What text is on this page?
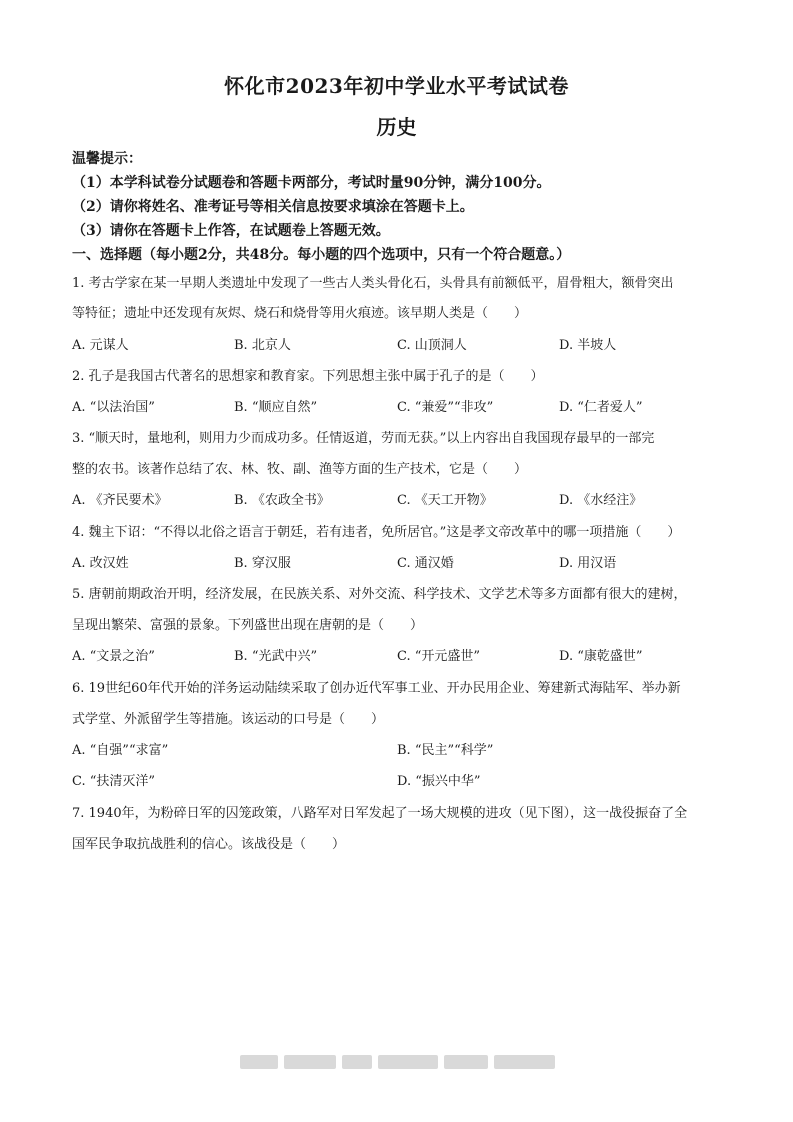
怀化市2023年初中学业水平考试试卷
历史
温馨提示：
（1）本学科试卷分试题卷和答题卡两部分，考试时量90分钟，满分100分。
（2）请你将姓名、准考证号等相关信息按要求填涂在答题卡上。
（3）请你在答题卡上作答，在试题卷上答题无效。
一、选择题（每小题2分，共48分。每小题的四个选项中，只有一个符合题意。）
1. 考古学家在某一早期人类遗址中发现了一些古人类头骨化石，头骨具有前额低平，眉骨粗大，额骨突出
等特征；遗址中还发现有灰烬、烧石和烧骨等用火痕迹。该早期人类是（　　）
A. 元谋人	B. 北京人	C. 山顶洞人	D. 半坡人
2. 孔子是我国古代著名的思想家和教育家。下列思想主张中属于孔子的是（　　）
A. “以法治国”	B. “顺应自然”	C. “兼爱”“非攻”	D. “仁者爱人”
3. “顺天时，量地利，则用力少而成功多。任情返道，劳而无获。”以上内容出自我国现存最早的一部完
整的农书。该著作总结了农、林、牧、副、渔等方面的生产技术，它是（　　）
A. 《齐民要术》	B. 《农政全书》	C. 《天工开物》	D. 《水经注》
4. 魏主下诏：“不得以北俗之语言于朝廷，若有违者，免所居官。”这是孝文帝改革中的哪一项措施（　　）
A. 改汉姓	B. 穿汉服	C. 通汉婚	D. 用汉语
5. 唐朝前期政治开明，经济发展，在民族关系、对外交流、科学技术、文学艺术等多方面都有很大的建树，
呈现出繁荣、富强的景象。下列盛世出现在唐朝的是（　　）
A. “文景之治”	B. “光武中兴”	C. “开元盛世”	D. “康乾盛世”
6. 19世纪60年代开始的洋务运动陆续采取了创办近代军事工业、开办民用企业、筹建新式海陆军、举办新
式学堂、外派留学生等措施。该运动的口号是（　　）
A. “自强”“求富”	B. “民主”“科学”
C. “扶清灭洋”	D. “振兴中华”
7. 1940年，为粉碎日军的囚笼政策，八路军对日军发起了一场大规模的进攻（见下图），这一战役振奋了全
国军民争取抗战胜利的信心。该战役是（　　）
